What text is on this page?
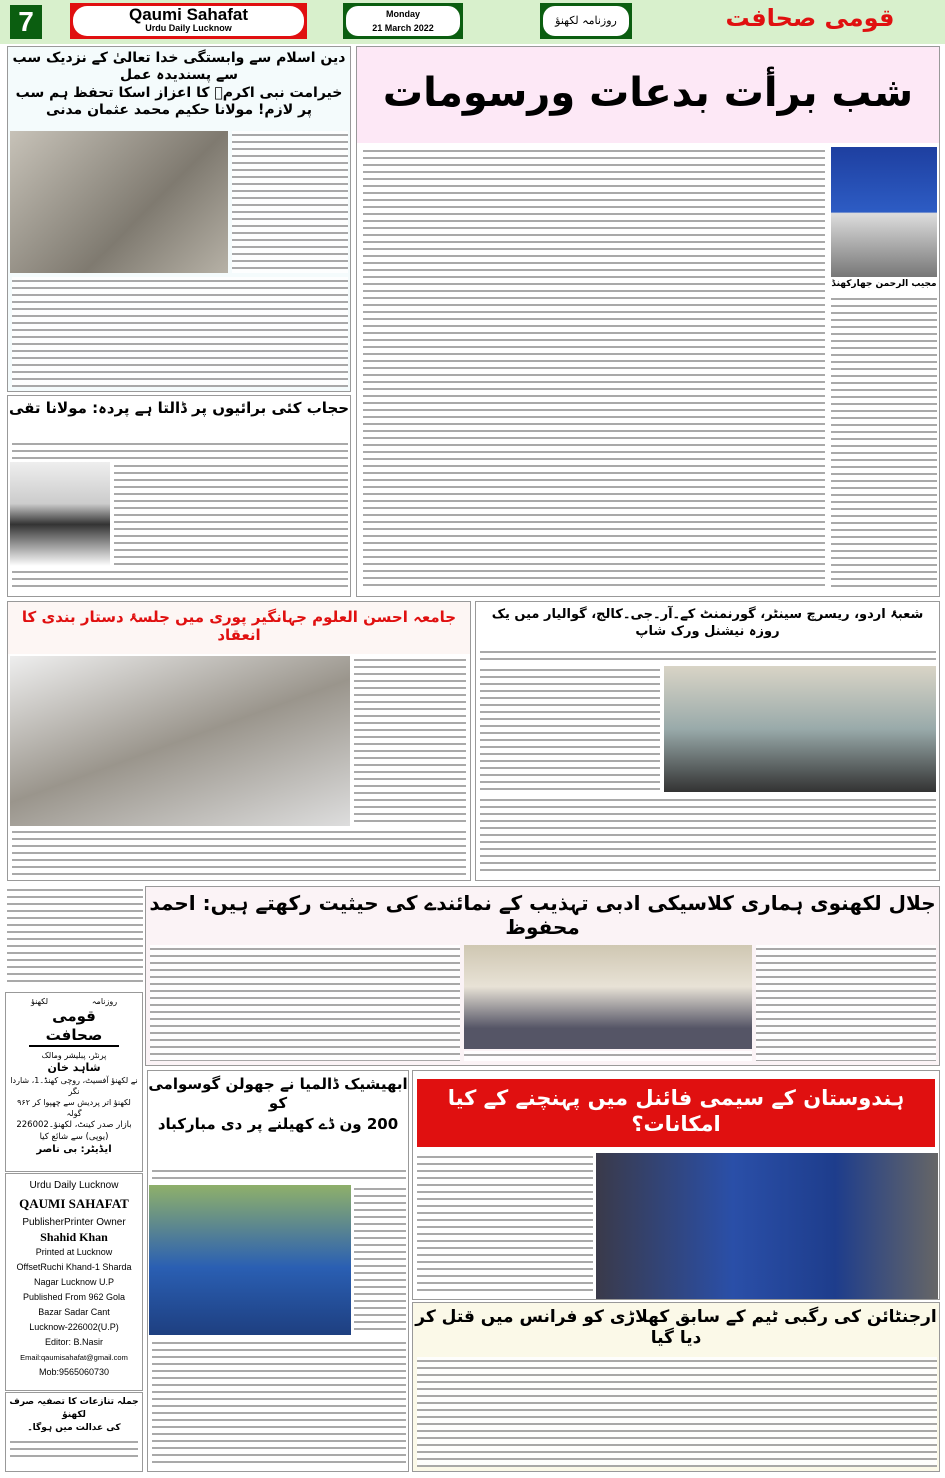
7	Qaumi Sahafat
Urdu Daily Lucknow
Monday
21 March 2022
روزنامہ لکھنؤ	قومی صحافت
دین اسلام سے وابستگی خدا تعالیٰ کے نزدیک سب سے پسندیدہ عمل
خیرامت نبی اکرمؐ کا اعزاز اسکا تحفظ ہم سب پر لازم! مولانا حکیم محمد عثمان مدنی
حجاب کئی برائیوں پر ڈالتا ہے پردہ: مولانا تقی
شب برأت بدعات ورسومات
مجیب الرحمن جھارکھنڈ
جامعہ احسن العلوم جہانگیر پوری میں جلسۂ دستار بندی کا انعقاد
شعبۂ اردو، ریسرچ سینٹر، گورنمنٹ کے۔آر۔جی۔کالج، گوالیار میں یک روزہ نیشنل ورک شاپ
جلال لکھنوی ہماری کلاسیکی ادبی تہذیب کے نمائندے کی حیثیت رکھتے ہیں: احمد محفوظ
روزنامہ
لکھنؤ
قومی صحافت
پرنٹر، پبلیشر ومالک
شاہد خان
نے لکھنؤ آفسیٹ، روچی کھنڈ۔1، شاردا نگر
لکھنؤ اتر پردیش سے چھپوا کر ۹۶۲ گولہ
بازار صدر کینٹ، لکھنؤ۔226002
(یوپی) سے شائع کیا
ایڈیٹر: بی ناصر
Urdu Daily Lucknow
QAUMI SAHAFAT
PublisherPrinter Owner
Shahid Khan
Printed at Lucknow
OffsetRuchi Khand-1 Sharda
Nagar Lucknow U.P
Published From 962 Gola
Bazar Sadar Cant
Lucknow-226002(U.P)
Editor: B.Nasir
Email:qaumisahafat@gmail.com
Mob:9565060730
جملہ تنازعات کا تصفیہ صرف لکھنؤ
کی عدالت میں ہوگا۔
ابھیشیک ڈالمیا نے جھولن گوسوامی کو
200 ون ڈے کھیلنے پر دی مبارکباد
ہندوستان کے سیمی فائنل میں پہنچنے کے کیا امکانات؟
ارجنٹائن کی رگبی ٹیم کے سابق کھلاڑی کو فرانس میں قتل کر دیا گیا
